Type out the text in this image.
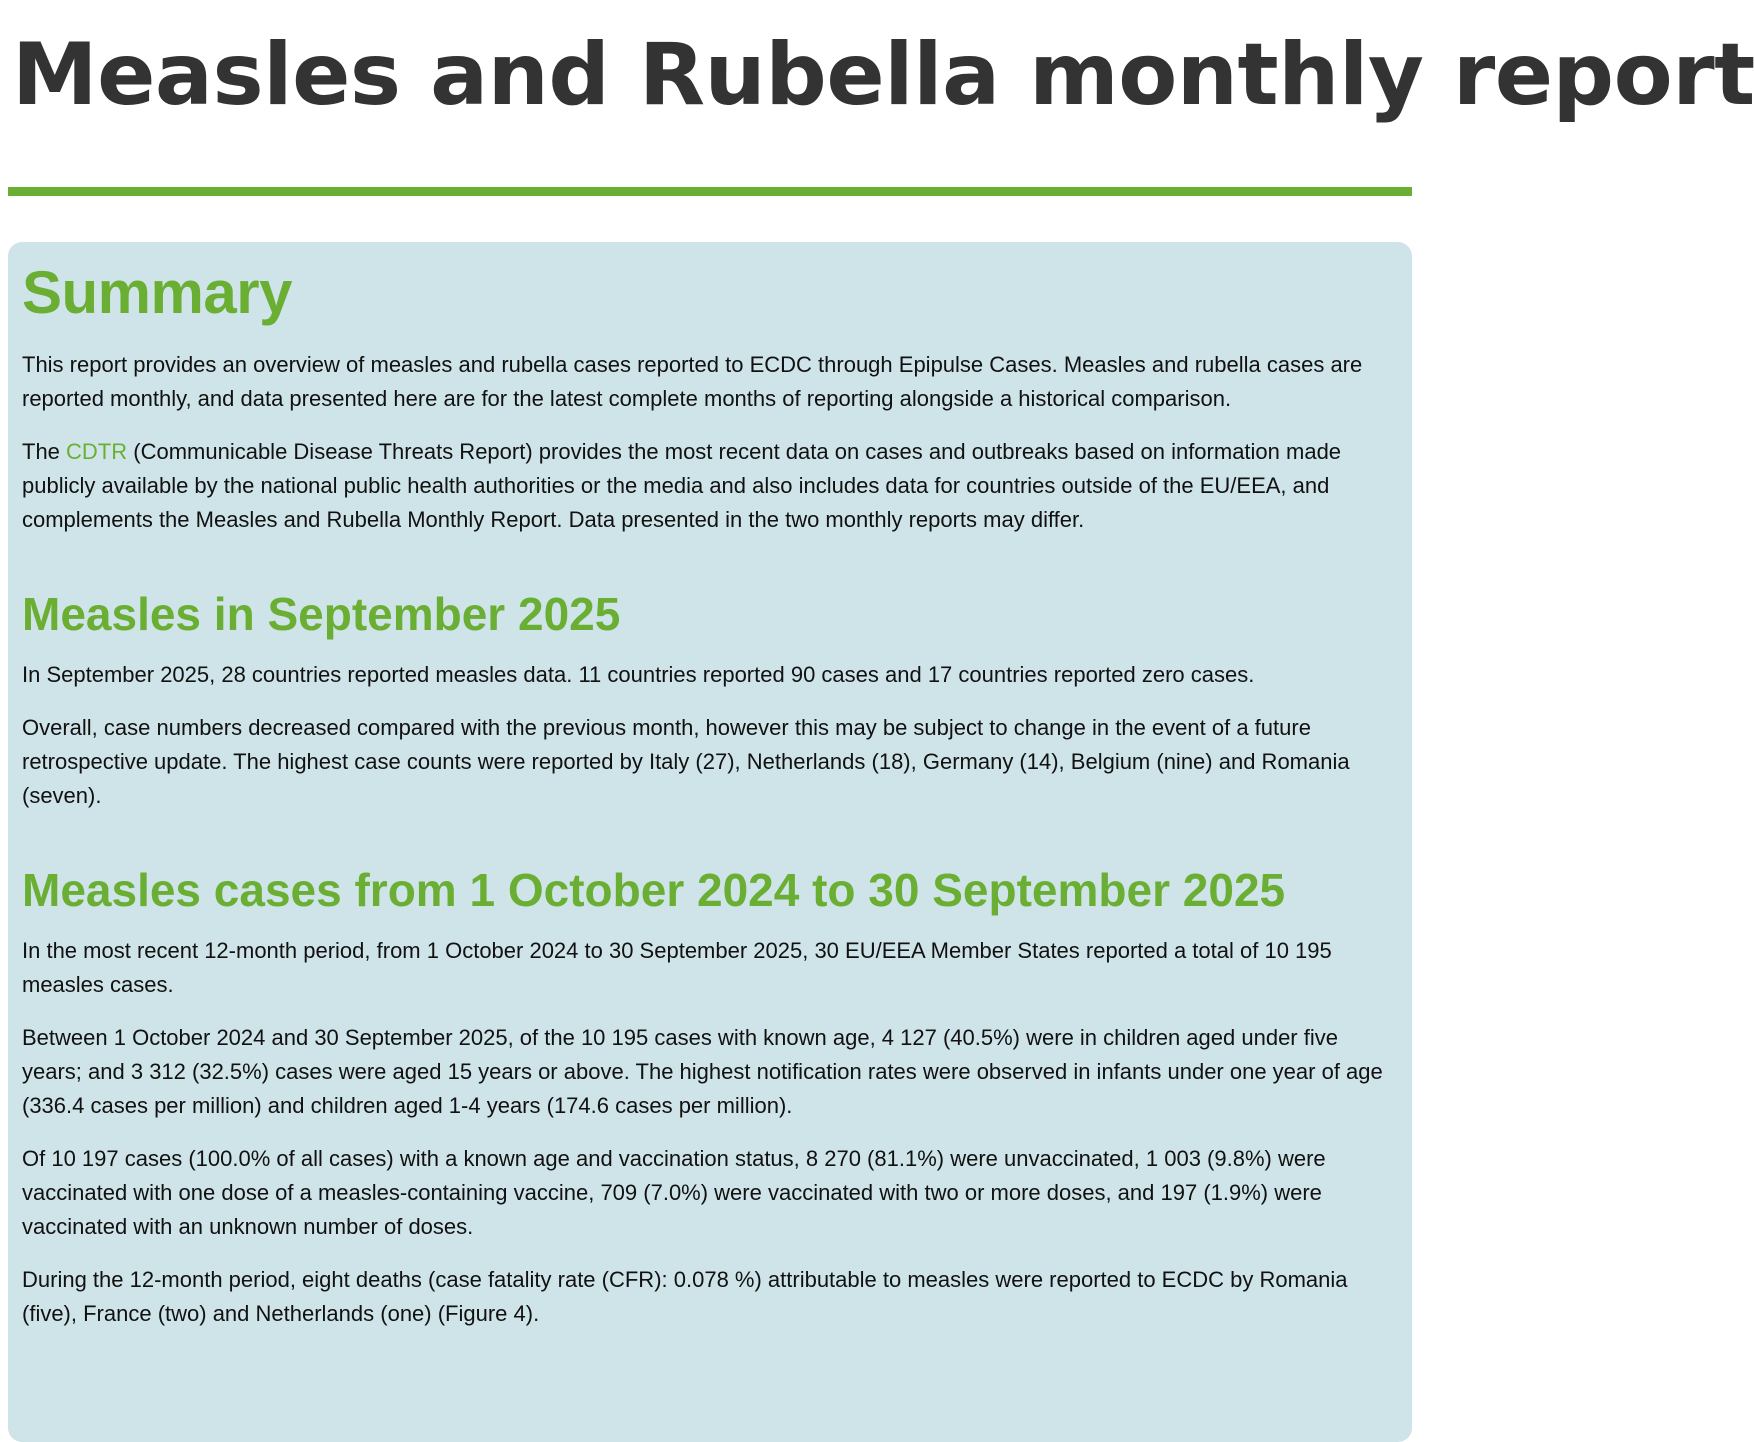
Measles and Rubella monthly report
Summary

This report provides an overview of measles and rubella cases reported to ECDC through Epipulse Cases. Measles and rubella cases are reported monthly, and data presented here are for the latest complete months of reporting alongside a historical comparison.

The CDTR (Communicable Disease Threats Report) provides the most recent data on cases and outbreaks based on information made publicly available by the national public health authorities or the media and also includes data for countries outside of the EU/EEA, and complements the Measles and Rubella Monthly Report. Data presented in the two monthly reports may differ.

Measles in September 2025

In September 2025, 28 countries reported measles data. 11 countries reported 90 cases and 17 countries reported zero cases.

Overall, case numbers decreased compared with the previous month, however this may be subject to change in the event of a future retrospective update. The highest case counts were reported by Italy (27), Netherlands (18), Germany (14), Belgium (nine) and Romania (seven).

Measles cases from 1 October 2024 to 30 September 2025

In the most recent 12-month period, from 1 October 2024 to 30 September 2025, 30 EU/EEA Member States reported a total of 10 195 measles cases.

Between 1 October 2024 and 30 September 2025, of the 10 195 cases with known age, 4 127 (40.5%) were in children aged under five years; and 3 312 (32.5%) cases were aged 15 years or above. The highest notification rates were observed in infants under one year of age (336.4 cases per million) and children aged 1-4 years (174.6 cases per million).

Of 10 197 cases (100.0% of all cases) with a known age and vaccination status, 8 270 (81.1%) were unvaccinated, 1 003 (9.8%) were vaccinated with one dose of a measles-containing vaccine, 709 (7.0%) were vaccinated with two or more doses, and 197 (1.9%) were vaccinated with an unknown number of doses.

During the 12-month period, eight deaths (case fatality rate (CFR): 0.078 %) attributable to measles were reported to ECDC by Romania (five), France (two) and Netherlands (one) (Figure 4).
